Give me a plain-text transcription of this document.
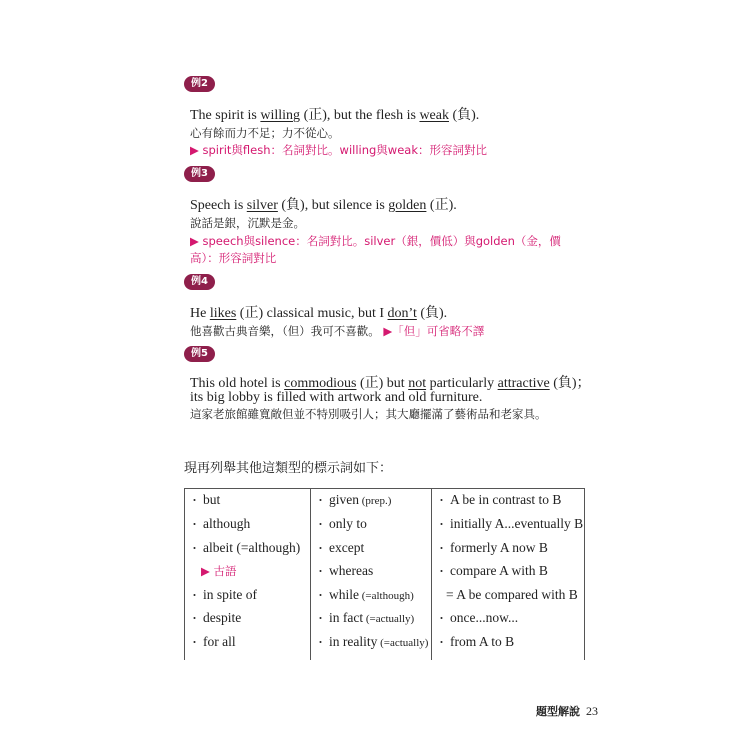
例2
The spirit is willing (正), but the flesh is weak (負).
心有餘而力不足；力不從心。
▶ spirit與flesh：名詞對比。willing與weak：形容詞對比
例3
Speech is silver (負), but silence is golden (正).
說話是銀，沉默是金。
▶ speech與silence：名詞對比。silver（銀，價低）與golden（金，價
高）：形容詞對比
例4
He likes (正) classical music, but I don’t (負).
他喜歡古典音樂，（但）我可不喜歡。 ▶「但」可省略不譯
例5
This old hotel is commodious (正) but not particularly attractive (負)；
its big lobby is filled with artwork and old furniture.
這家老旅館雖寬敞但並不特別吸引人；其大廳擺滿了藝術品和老家具。
現再列舉其他這類型的標示詞如下：
・ but
・ although
・ albeit (=although)
▶ 古語
・ in spite of
・ despite
・ for all
・ given (prep.)
・ only to
・ except
・ whereas
・ while (=although)
・ in fact (=actually)
・ in reality (=actually)
・ A be in contrast to B
・ initially A...eventually B
・ formerly A now B
・ compare A with B
= A be compared with B
・ once...now...
・ from A to B
題型解說 23
